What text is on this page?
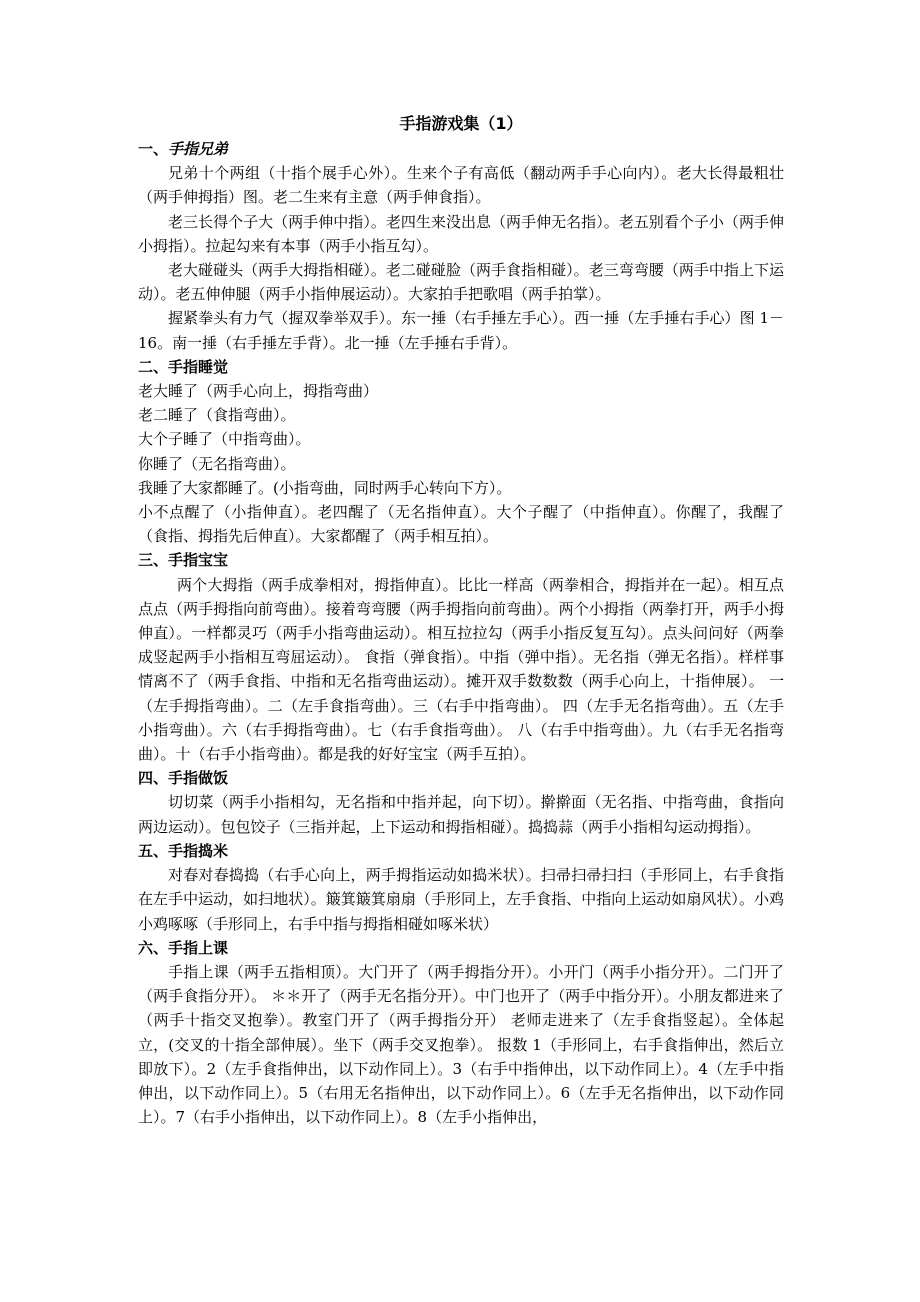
手指游戏集（1）
一、手指兄弟

兄弟十个两组（十指个展手心外）。生来个子有高低（翻动两手手心向内）。老大长得最粗壮（两手伸拇指）图。老二生来有主意（两手伸食指）。

老三长得个子大（两手伸中指）。老四生来没出息（两手伸无名指）。老五别看个子小（两手伸小拇指）。拉起勾来有本事（两手小指互勾）。

老大碰碰头（两手大拇指相碰）。老二碰碰脸（两手食指相碰）。老三弯弯腰（两手中指上下运动）。老五伸伸腿（两手小指伸展运动）。大家拍手把歌唱（两手拍掌）。

握紧拳头有力气（握双拳举双手）。东一捶（右手捶左手心）。西一捶（左手捶右手心）图 1－16。南一捶（右手捶左手背）。北一捶（左手捶右手背）。

二、手指睡觉

老大睡了（两手心向上，拇指弯曲）

老二睡了（食指弯曲）。

大个子睡了（中指弯曲）。

你睡了（无名指弯曲）。

我睡了大家都睡了。(小指弯曲，同时两手心转向下方）。

小不点醒了（小指伸直）。老四醒了（无名指伸直）。大个子醒了（中指伸直）。你醒了，我醒了（食指、拇指先后伸直）。大家都醒了（两手相互拍）。

三、手指宝宝

两个大拇指（两手成拳相对，拇指伸直）。比比一样高（两拳相合，拇指并在一起）。相互点点点（两手拇指向前弯曲）。接着弯弯腰（两手拇指向前弯曲）。两个小拇指（两拳打开，两手小拇伸直）。一样都灵巧（两手小指弯曲运动）。相互拉拉勾（两手小指反复互勾）。点头问问好（两拳成竖起两手小指相互弯屈运动）。 食指（弹食指）。中指（弹中指）。无名指（弹无名指）。样样事情离不了（两手食指、中指和无名指弯曲运动）。摊开双手数数数（两手心向上，十指伸展）。 一（左手拇指弯曲）。二（左手食指弯曲）。三（右手中指弯曲）。 四（左手无名指弯曲）。五（左手小指弯曲）。六（右手拇指弯曲）。七（右手食指弯曲）。 八（右手中指弯曲）。九（右手无名指弯曲）。十（右手小指弯曲）。都是我的好好宝宝（两手互拍）。

四、手指做饭

切切菜（两手小指相勾，无名指和中指并起，向下切）。擀擀面（无名指、中指弯曲，食指向两边运动）。包包饺子（三指并起，上下运动和拇指相碰）。捣捣蒜（两手小指相勾运动拇指）。

五、手指捣米

对春对春捣捣（右手心向上，两手拇指运动如捣米状）。扫帚扫帚扫扫（手形同上，右手食指在左手中运动，如扫地状）。簸箕簸箕扇扇（手形同上，左手食指、中指向上运动如扇风状）。小鸡小鸡啄啄（手形同上，右手中指与拇指相碰如啄米状）

六、手指上课

手指上课（两手五指相顶）。大门开了（两手拇指分开）。小开门（两手小指分开）。二门开了（两手食指分开）。 ＊＊开了（两手无名指分开）。中门也开了（两手中指分开）。小朋友都进来了（两手十指交叉抱拳）。教室门开了（两手拇指分开） 老师走进来了（左手食指竖起）。全体起立，(交叉的十指全部伸展）。坐下（两手交叉抱拳）。 报数 1（手形同上，右手食指伸出，然后立即放下）。2（左手食指伸出，以下动作同上）。3（右手中指伸出，以下动作同上）。4（左手中指伸出，以下动作同上）。5（右用无名指伸出，以下动作同上）。6（左手无名指伸出，以下动作同上）。7（右手小指伸出，以下动作同上）。8（左手小指伸出，
